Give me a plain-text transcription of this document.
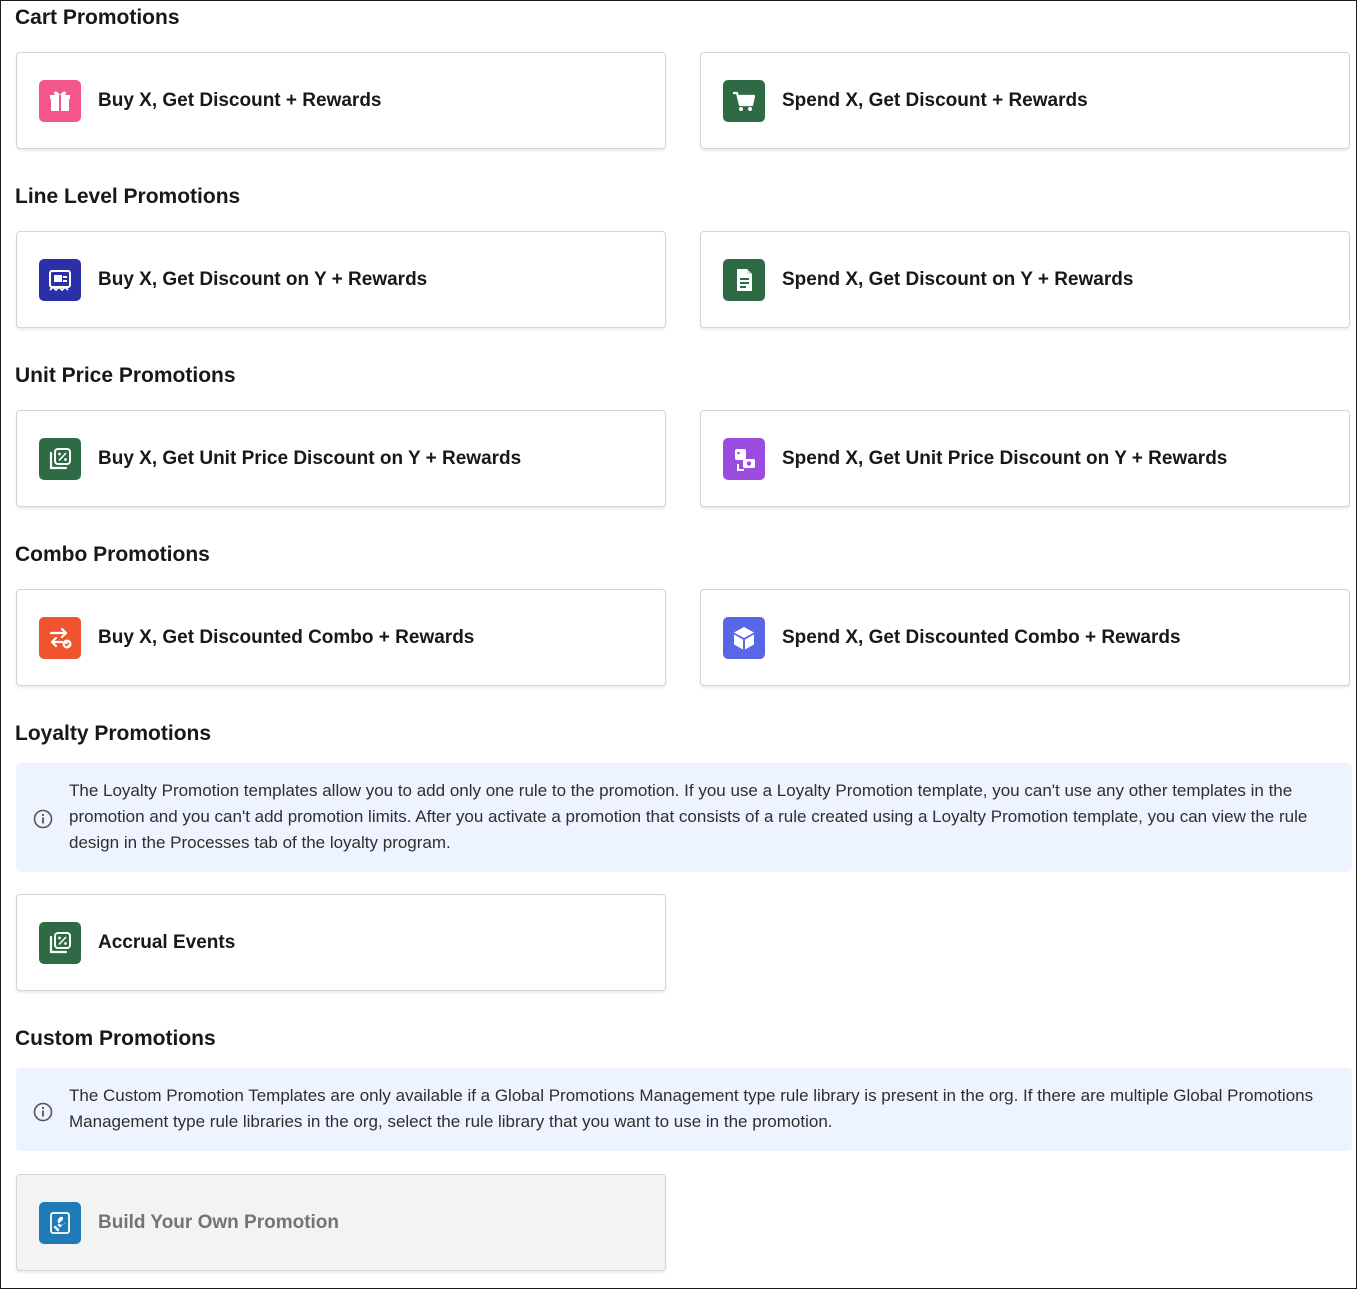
Cart Promotions
Buy X, Get Discount + Rewards	Spend X, Get Discount + Rewards
Line Level Promotions
Buy X, Get Discount on Y + Rewards	Spend X, Get Discount on Y + Rewards
Unit Price Promotions
Buy X, Get Unit Price Discount on Y + Rewards	Spend X, Get Unit Price Discount on Y + Rewards
Combo Promotions
Buy X, Get Discounted Combo + Rewards	Spend X, Get Discounted Combo + Rewards
Loyalty Promotions

The Loyalty Promotion templates allow you to add only one rule to the promotion. If you use a Loyalty Promotion template, you can't use any other templates in the promotion and you can't add promotion limits. After you activate a promotion that consists of a rule created using a Loyalty Promotion template, you can view the rule design in the Processes tab of the loyalty program.

Accrual Events
Custom Promotions

The Custom Promotion Templates are only available if a Global Promotions Management type rule library is present in the org. If there are multiple Global Promotions Management type rule libraries in the org, select the rule library that you want to use in the promotion.

Build Your Own Promotion
